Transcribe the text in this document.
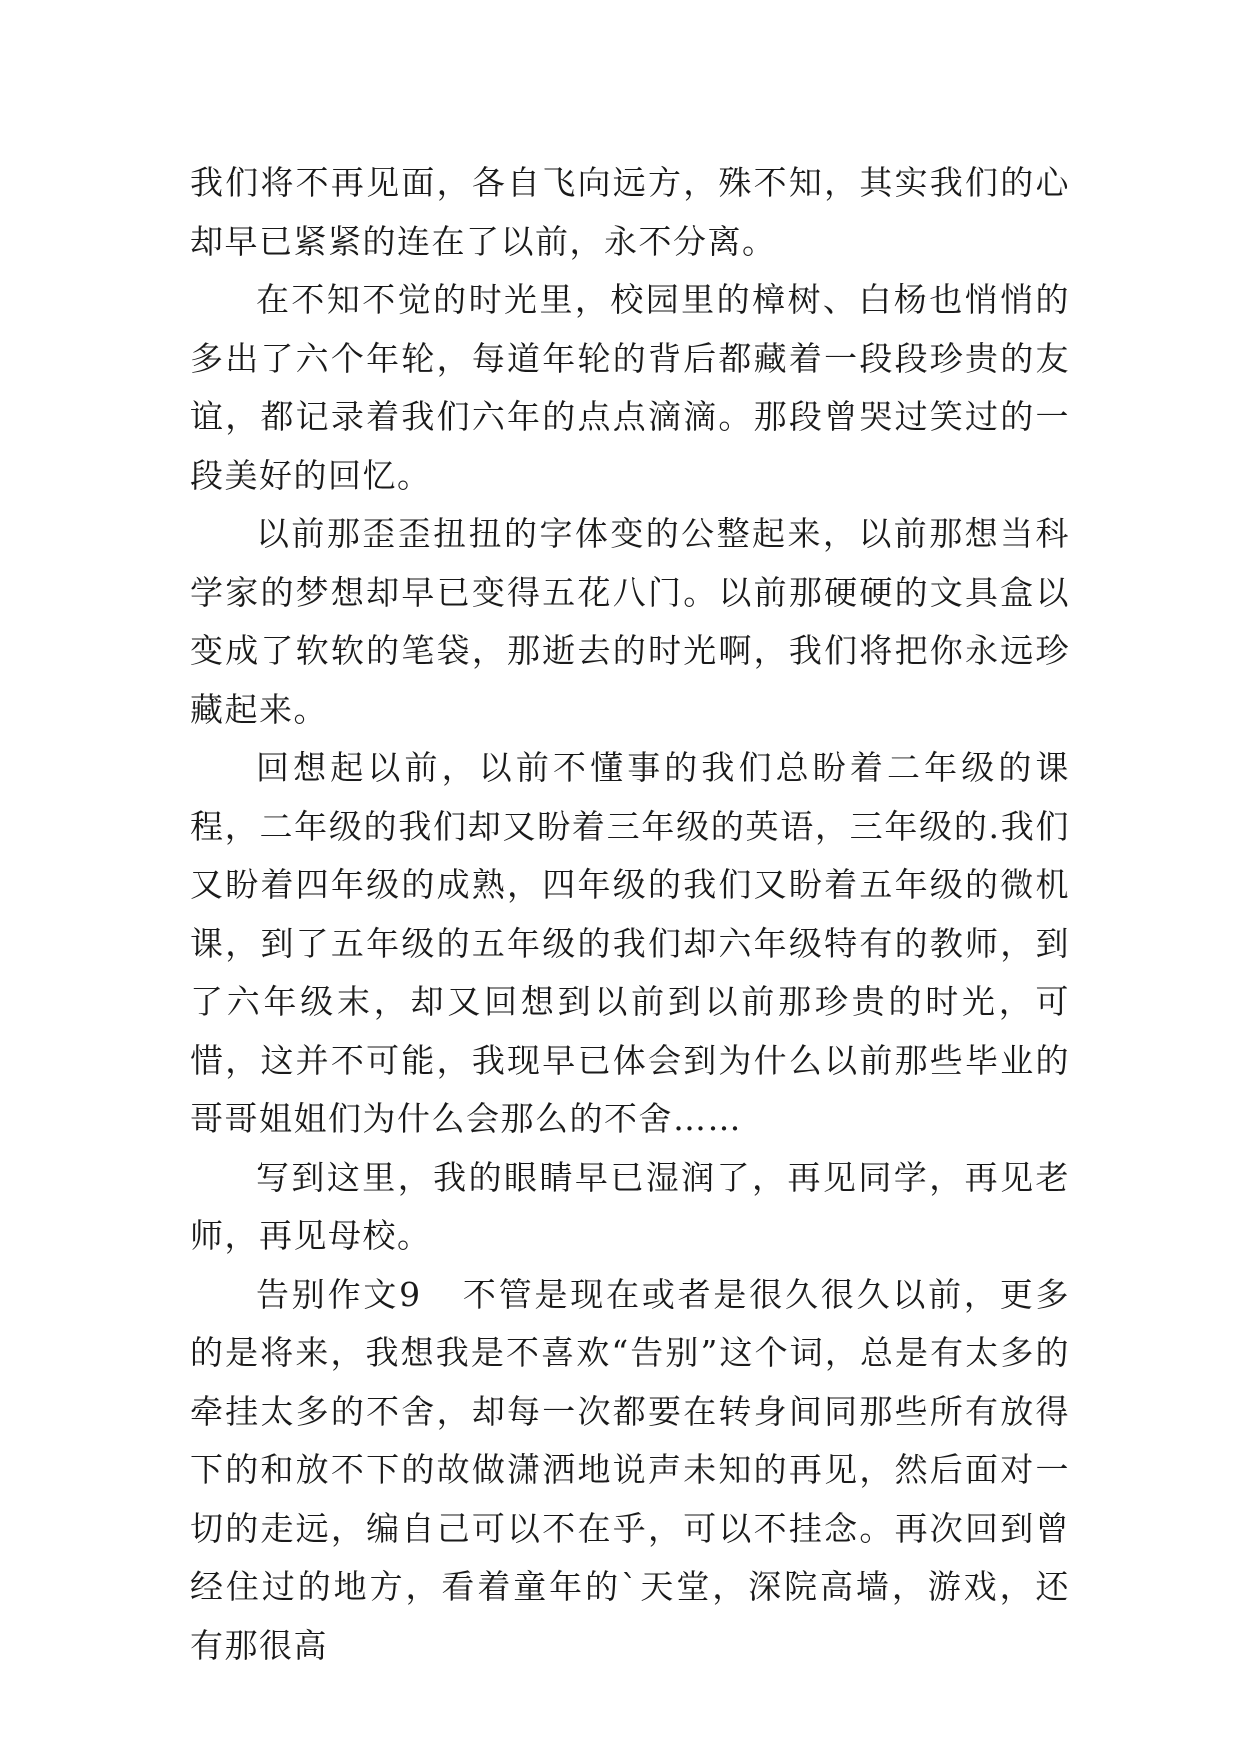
我们将不再见面，各自飞向远方，殊不知，其实我们的心却早已紧紧的连在了以前，永不分离。

在不知不觉的时光里，校园里的樟树、白杨也悄悄的多出了六个年轮，每道年轮的背后都藏着一段段珍贵的友谊，都记录着我们六年的点点滴滴。那段曾哭过笑过的一段美好的回忆。

以前那歪歪扭扭的字体变的公整起来，以前那想当科学家的梦想却早已变得五花八门。以前那硬硬的文具盒以变成了软软的笔袋，那逝去的时光啊，我们将把你永远珍藏起来。

回想起以前，以前不懂事的我们总盼着二年级的课程，二年级的我们却又盼着三年级的英语，三年级的.我们又盼着四年级的成熟，四年级的我们又盼着五年级的微机课，到了五年级的五年级的我们却六年级特有的教师，到了六年级末，却又回想到以前到以前那珍贵的时光，可惜，这并不可能，我现早已体会到为什么以前那些毕业的哥哥姐姐们为什么会那么的不舍……

写到这里，我的眼睛早已湿润了，再见同学，再见老师，再见母校。

告别作文9 不管是现在或者是很久很久以前，更多的是将来，我想我是不喜欢“告别”这个词，总是有太多的牵挂太多的不舍，却每一次都要在转身间同那些所有放得下的和放不下的故做潇洒地说声未知的再见，然后面对一切的走远，编自己可以不在乎，可以不挂念。再次回到曾经住过的地方，看着童年的`天堂，深院高墙，游戏，还有那很高
